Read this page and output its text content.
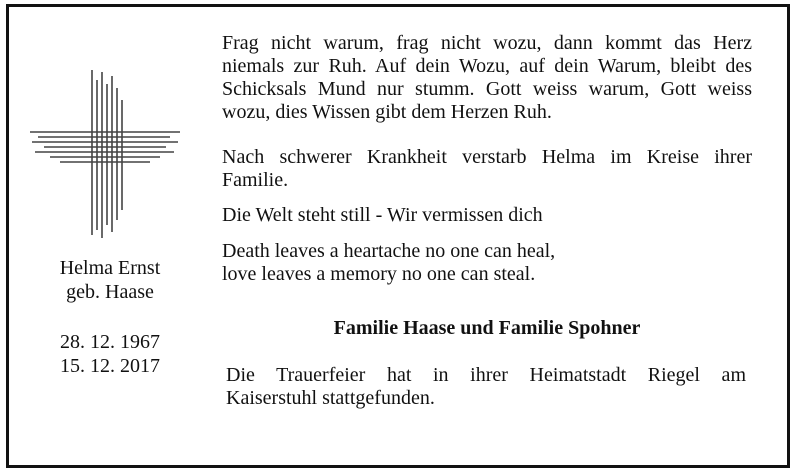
Helma Ernst
geb. Haase
28. 12. 1967
15. 12. 2017
Frag nicht warum, frag nicht wozu, dann kommt das Herz
niemals zur Ruh. Auf dein Wozu, auf dein Warum, bleibt des
Schicksals Mund nur stumm. Gott weiss warum, Gott weiss
wozu, dies Wissen gibt dem Herzen Ruh.
Nach schwerer Krankheit verstarb Helma im Kreise ihrer
Familie.
Die Welt steht still - Wir vermissen dich
Death leaves a heartache no one can heal,
love leaves a memory no one can steal.
Familie Haase und Familie Spohner
Die Trauerfeier hat in ihrer Heimatstadt Riegel am
Kaiserstuhl stattgefunden.
